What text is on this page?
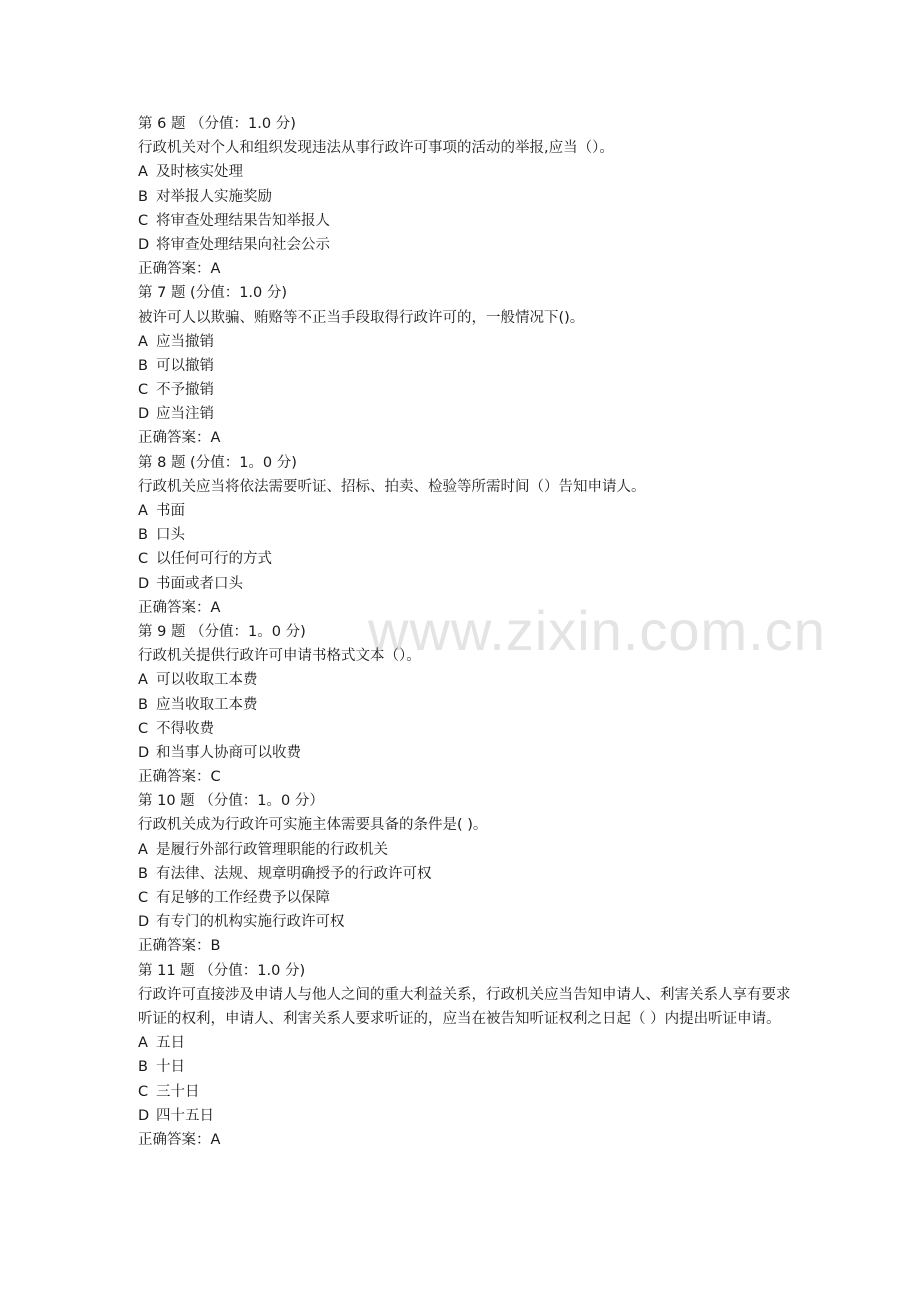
www.zixin.com.cn
第 6 题 （分值：1.0 分)
行政机关对个人和组织发现违法从事行政许可事项的活动的举报,应当（）。
A 及时核实处理
B 对举报人实施奖励
C 将审查处理结果告知举报人
D 将审查处理结果向社会公示
正确答案：A
第 7 题 (分值：1.0 分)
被许可人以欺骗、贿赂等不正当手段取得行政许可的，一般情况下()。
A 应当撤销
B 可以撤销
C 不予撤销
D 应当注销
正确答案：A
第 8 题 (分值：1。0 分)
行政机关应当将依法需要听证、招标、拍卖、检验等所需时间（）告知申请人。
A 书面
B 口头
C 以任何可行的方式
D 书面或者口头
正确答案：A
第 9 题 （分值：1。0 分)
行政机关提供行政许可申请书格式文本（）。
A 可以收取工本费
B 应当收取工本费
C 不得收费
D 和当事人协商可以收费
正确答案：C
第 10 题 （分值：1。0 分）
行政机关成为行政许可实施主体需要具备的条件是( )。
A 是履行外部行政管理职能的行政机关
B 有法律、法规、规章明确授予的行政许可权
C 有足够的工作经费予以保障
D 有专门的机构实施行政许可权
正确答案：B
第 11 题 （分值：1.0 分)
行政许可直接涉及申请人与他人之间的重大利益关系，行政机关应当告知申请人、利害关系人享有要求听证的权利，申请人、利害关系人要求听证的，应当在被告知听证权利之日起（ ）内提出听证申请。
A 五日
B 十日
C 三十日
D 四十五日
正确答案：A
